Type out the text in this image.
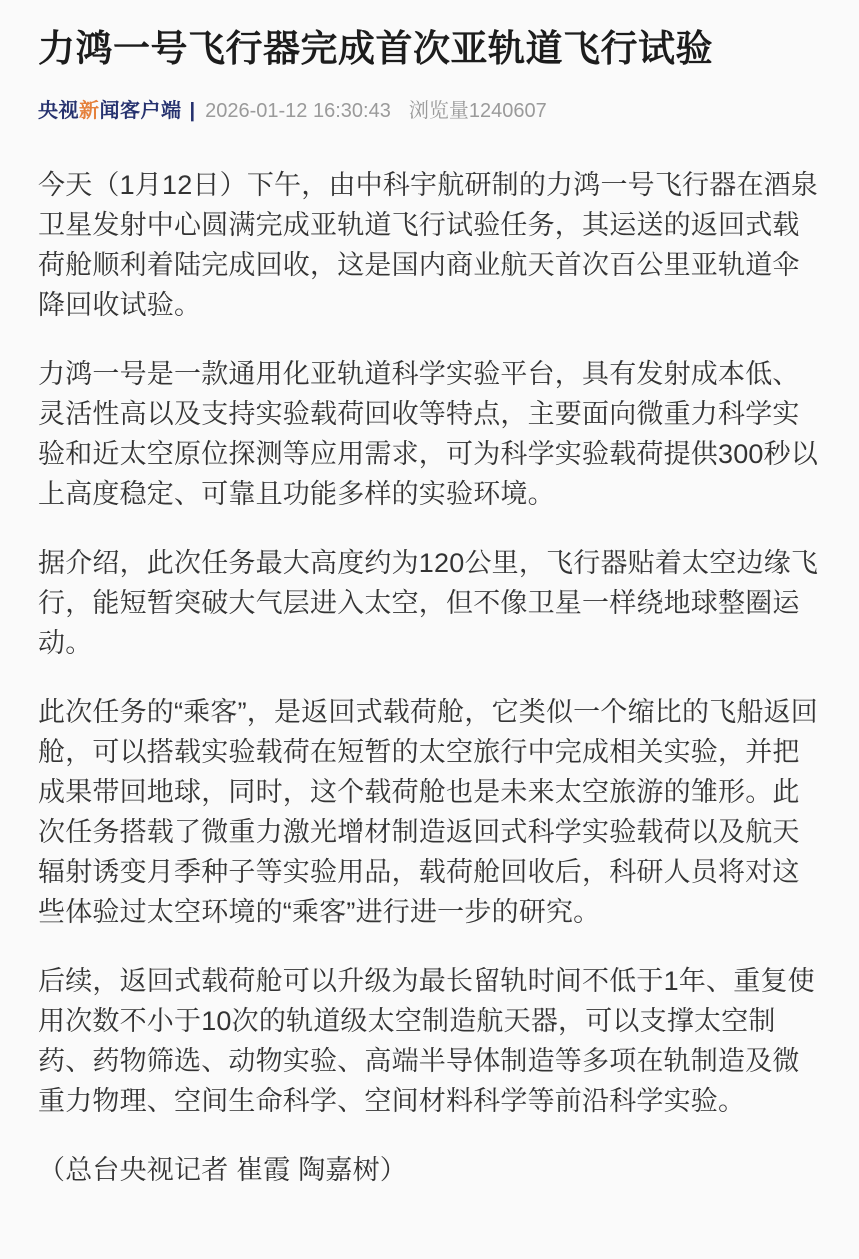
力鸿一号飞行器完成首次亚轨道飞行试验
央视新闻客户端 | 2026-01-12 16:30:43 浏览量1240607

今天（1月12日）下午，由中科宇航研制的力鸿一号飞行器在酒泉卫星发射中心圆满完成亚轨道飞行试验任务，其运送的返回式载荷舱顺利着陆完成回收，这是国内商业航天首次百公里亚轨道伞降回收试验。

力鸿一号是一款通用化亚轨道科学实验平台，具有发射成本低、灵活性高以及支持实验载荷回收等特点，主要面向微重力科学实验和近太空原位探测等应用需求，可为科学实验载荷提供300秒以上高度稳定、可靠且功能多样的实验环境。

据介绍，此次任务最大高度约为120公里，飞行器贴着太空边缘飞行，能短暂突破大气层进入太空，但不像卫星一样绕地球整圈运动。

此次任务的“乘客”，是返回式载荷舱，它类似一个缩比的飞船返回舱，可以搭载实验载荷在短暂的太空旅行中完成相关实验，并把成果带回地球，同时，这个载荷舱也是未来太空旅游的雏形。此次任务搭载了微重力激光增材制造返回式科学实验载荷以及航天辐射诱变月季种子等实验用品，载荷舱回收后，科研人员将对这些体验过太空环境的“乘客”进行进一步的研究。

后续，返回式载荷舱可以升级为最长留轨时间不低于1年、重复使用次数不小于10次的轨道级太空制造航天器，可以支撑太空制药、药物筛选、动物实验、高端半导体制造等多项在轨制造及微重力物理、空间生命科学、空间材料科学等前沿科学实验。

（总台央视记者 崔霞 陶嘉树）
